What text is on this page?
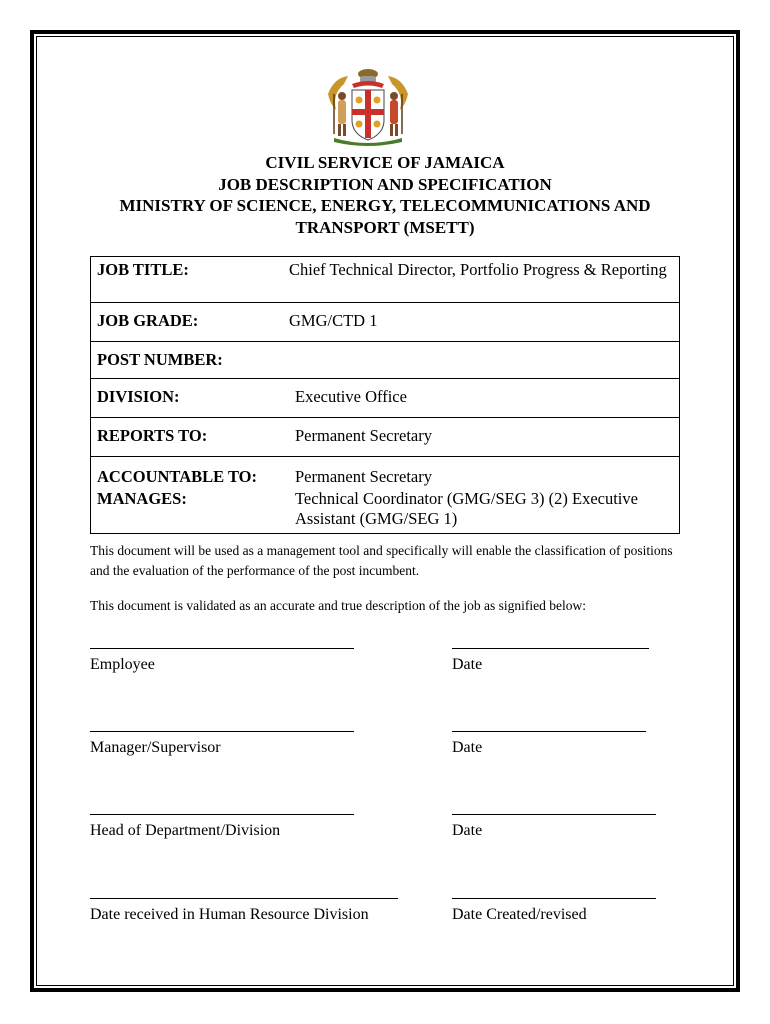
CIVIL SERVICE OF JAMAICA
JOB DESCRIPTION AND SPECIFICATION
MINISTRY OF SCIENCE, ENERGY, TELECOMMUNICATIONS AND
TRANSPORT (MSETT)
JOB TITLE:	Chief Technical Director, Portfolio Progress & Reporting
JOB GRADE:	GMG/CTD 1
POST NUMBER:	
DIVISION:	Executive Office
REPORTS TO:	Permanent Secretary
ACCOUNTABLE TO:	Permanent Secretary
MANAGES:	Technical Coordinator (GMG/SEG 3) (2) Executive Assistant (GMG/SEG 1)
This document will be used as a management tool and specifically will enable the classification of positions and the evaluation of the performance of the post incumbent.
This document is validated as an accurate and true description of the job as signified below:
Employee	Date
Manager/Supervisor	Date
Head of Department/Division	Date
Date received in Human Resource Division	Date Created/revised
